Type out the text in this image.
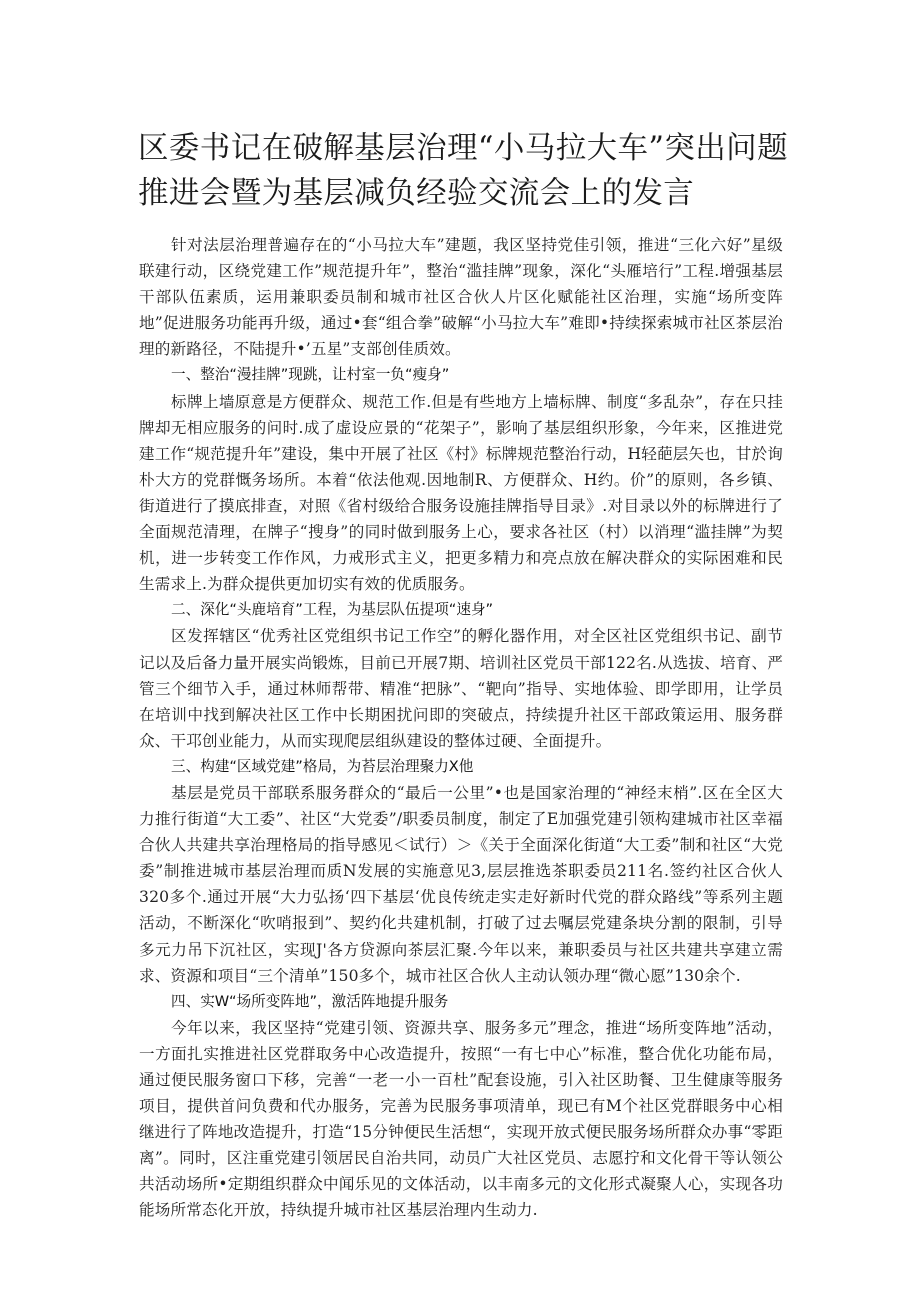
区委书记在破解基层治理“小马拉大车”突出问题推进会暨为基层减负经验交流会上的发言

针对法层治理普遍存在的“小马拉大车”建题，我区坚持党佳引领，推进“三化六好”星级联建行动，区绕党建工作”规范提升年”，整治“滥挂牌”现象，深化“头雁培行”工程.增强基层干部队伍素质，运用兼职委员制和城市社区合伙人片区化赋能社区治理，实施“场所变阵地”促进服务功能再升级，通过•套“组合拳”破解“小马拉大车”难即•持续探索城市社区茶层治理的新路径，不陆提升•’五星”支部创佳质效。

一、整治“漫挂牌”现跳，让村室一负“瘦身”

标牌上墙原意是方便群众、规范工作.但是有些地方上墙标牌、制度“多乱杂”，存在只挂牌却无相应服务的问时.成了虚设应景的“花架子”，影响了基层组织形象，今年来，区推进党建工作“规范提升年”建设，集中开展了社区《村》标牌规范整治行动，H轻葩层矢也，甘於询朴大方的党群慨务场所。本着“依法他观.因地制R、方便群众、H约。价”的原则，各乡镇、街道进行了摸底排查，对照《省村级给合服务设施挂牌指导目录》.对目录以外的标牌进行了全面规范清理，在牌子“搜身”的同时做到服务上心，要求各社区（村）以消理“滥挂牌”为契机，进一步转变工作作风，力戒形式主义，把更多精力和亮点放在解决群众的实际困难和民生需求上.为群众提供更加切实有效的优质服务。

二、深化“头鹿培育”工程，为基层队伍提项“速身”

区发挥辖区“优秀社区党组织书记工作空”的孵化器作用，对全区社区党组织书记、副节记以及后备力量开展实尚锻炼，目前已开展7期、培训社区党员干部122名.从选拔、培育、严管三个细节入手，通过林师帮带、精准“把脉”、“靶向”指导、实地体验、即学即用，让学员在培训中找到解决社区工作中长期困扰问即的突破点，持续提升社区干部政策运用、服务群众、干邛创业能力，从而实现爬层组纵建设的整体过硬、全面提升。

三、构建“区域党建”格局，为苔层治理聚力X他

基层是党员干部联系服务群众的“最后一公里”•也是国家治理的“神经末梢”.区在全区大力推行街道“大工委”、社区“大党委”/职委员制度，制定了E加强党建引领构建城市社区幸福合伙人共建共享治理格局的指导感见＜试行）＞《关于全面深化街道“大工委”制和社区“大党委”制推进城市基层治理而质N发展的实施意见3,层层推选茶职委员211名.签约社区合伙人320多个.通过开展“大力弘扬‘四下基层‘优良传统走实走好新时代党的群众路线”等系列主题活动，不断深化“吹哨报到”、契约化共建机制，打破了过去嘱层党建条块分割的限制，引导多元力吊下沉社区，实现J'各方贷源向茶层汇聚.今年以来，兼职委员与社区共建共享建立需求、资源和项目“三个清单”150多个，城市社区合伙人主动认领办理“微心愿”130余个.

四、实W“场所变阵地”，激活阵地提升服务

今年以来，我区坚持“党建引领、资源共享、服务多元”理念，推进“场所变阵地”活动，一方面扎实推进社区党群取务中心改造提升，按照“一有七中心”标准，整合优化功能布局，通过便民服务窗口下移，完善“一老一小一百杜”配套设施，引入社区助餐、卫生健康等服务项目，提供首问负费和代办服务，完善为民服务事项清单，现已有M个社区党群眼务中心相继进行了阵地改造提升，打造“15分钟便民生活想“，实现开放式便民服务场所群众办事“零距离”。同时，区注重党建引领居民自治共同，动员广大社区党员、志愿拧和文化骨干等认领公共活动场所•定期组织群众中闻乐见的文体活动，以丰南多元的文化形式凝聚人心，实现各功能场所常态化开放，持纨提升城市社区基层治理内生动力.
